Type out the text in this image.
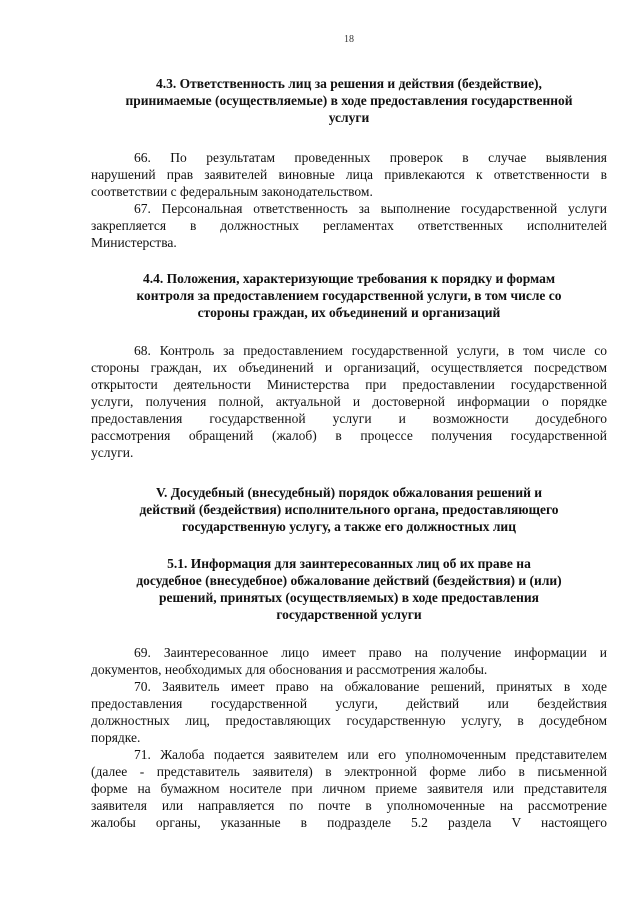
18
4.3. Ответственность лиц за решения и действия (бездействие),
принимаемые (осуществляемые) в ходе предоставления государственной
услуги
66. По результатам проведенных проверок в случае выявления
нарушений прав заявителей виновные лица привлекаются к ответственности в
соответствии с федеральным законодательством.
67. Персональная ответственность за выполнение государственной услуги
закрепляется в должностных регламентах ответственных исполнителей
Министерства.
4.4. Положения, характеризующие требования к порядку и формам
контроля за предоставлением государственной услуги, в том числе со
стороны граждан, их объединений и организаций
68. Контроль за предоставлением государственной услуги, в том числе со
стороны граждан, их объединений и организаций, осуществляется посредством
открытости деятельности Министерства при предоставлении государственной
услуги, получения полной, актуальной и достоверной информации о порядке
предоставления государственной услуги и возможности досудебного
рассмотрения обращений (жалоб) в процессе получения государственной
услуги.
V. Досудебный (внесудебный) порядок обжалования решений и
действий (бездействия) исполнительного органа, предоставляющего
государственную услугу, а также его должностных лиц
5.1. Информация для заинтересованных лиц об их праве на
досудебное (внесудебное) обжалование действий (бездействия) и (или)
решений, принятых (осуществляемых) в ходе предоставления
государственной услуги
69. Заинтересованное лицо имеет право на получение информации и
документов, необходимых для обоснования и рассмотрения жалобы.
70. Заявитель имеет право на обжалование решений, принятых в ходе
предоставления государственной услуги, действий или бездействия
должностных лиц, предоставляющих государственную услугу, в досудебном
порядке.
71. Жалоба подается заявителем или его уполномоченным представителем
(далее - представитель заявителя) в электронной форме либо в письменной
форме на бумажном носителе при личном приеме заявителя или представителя
заявителя или направляется по почте в уполномоченные на рассмотрение
жалобы органы, указанные в подразделе 5.2 раздела V настоящего
